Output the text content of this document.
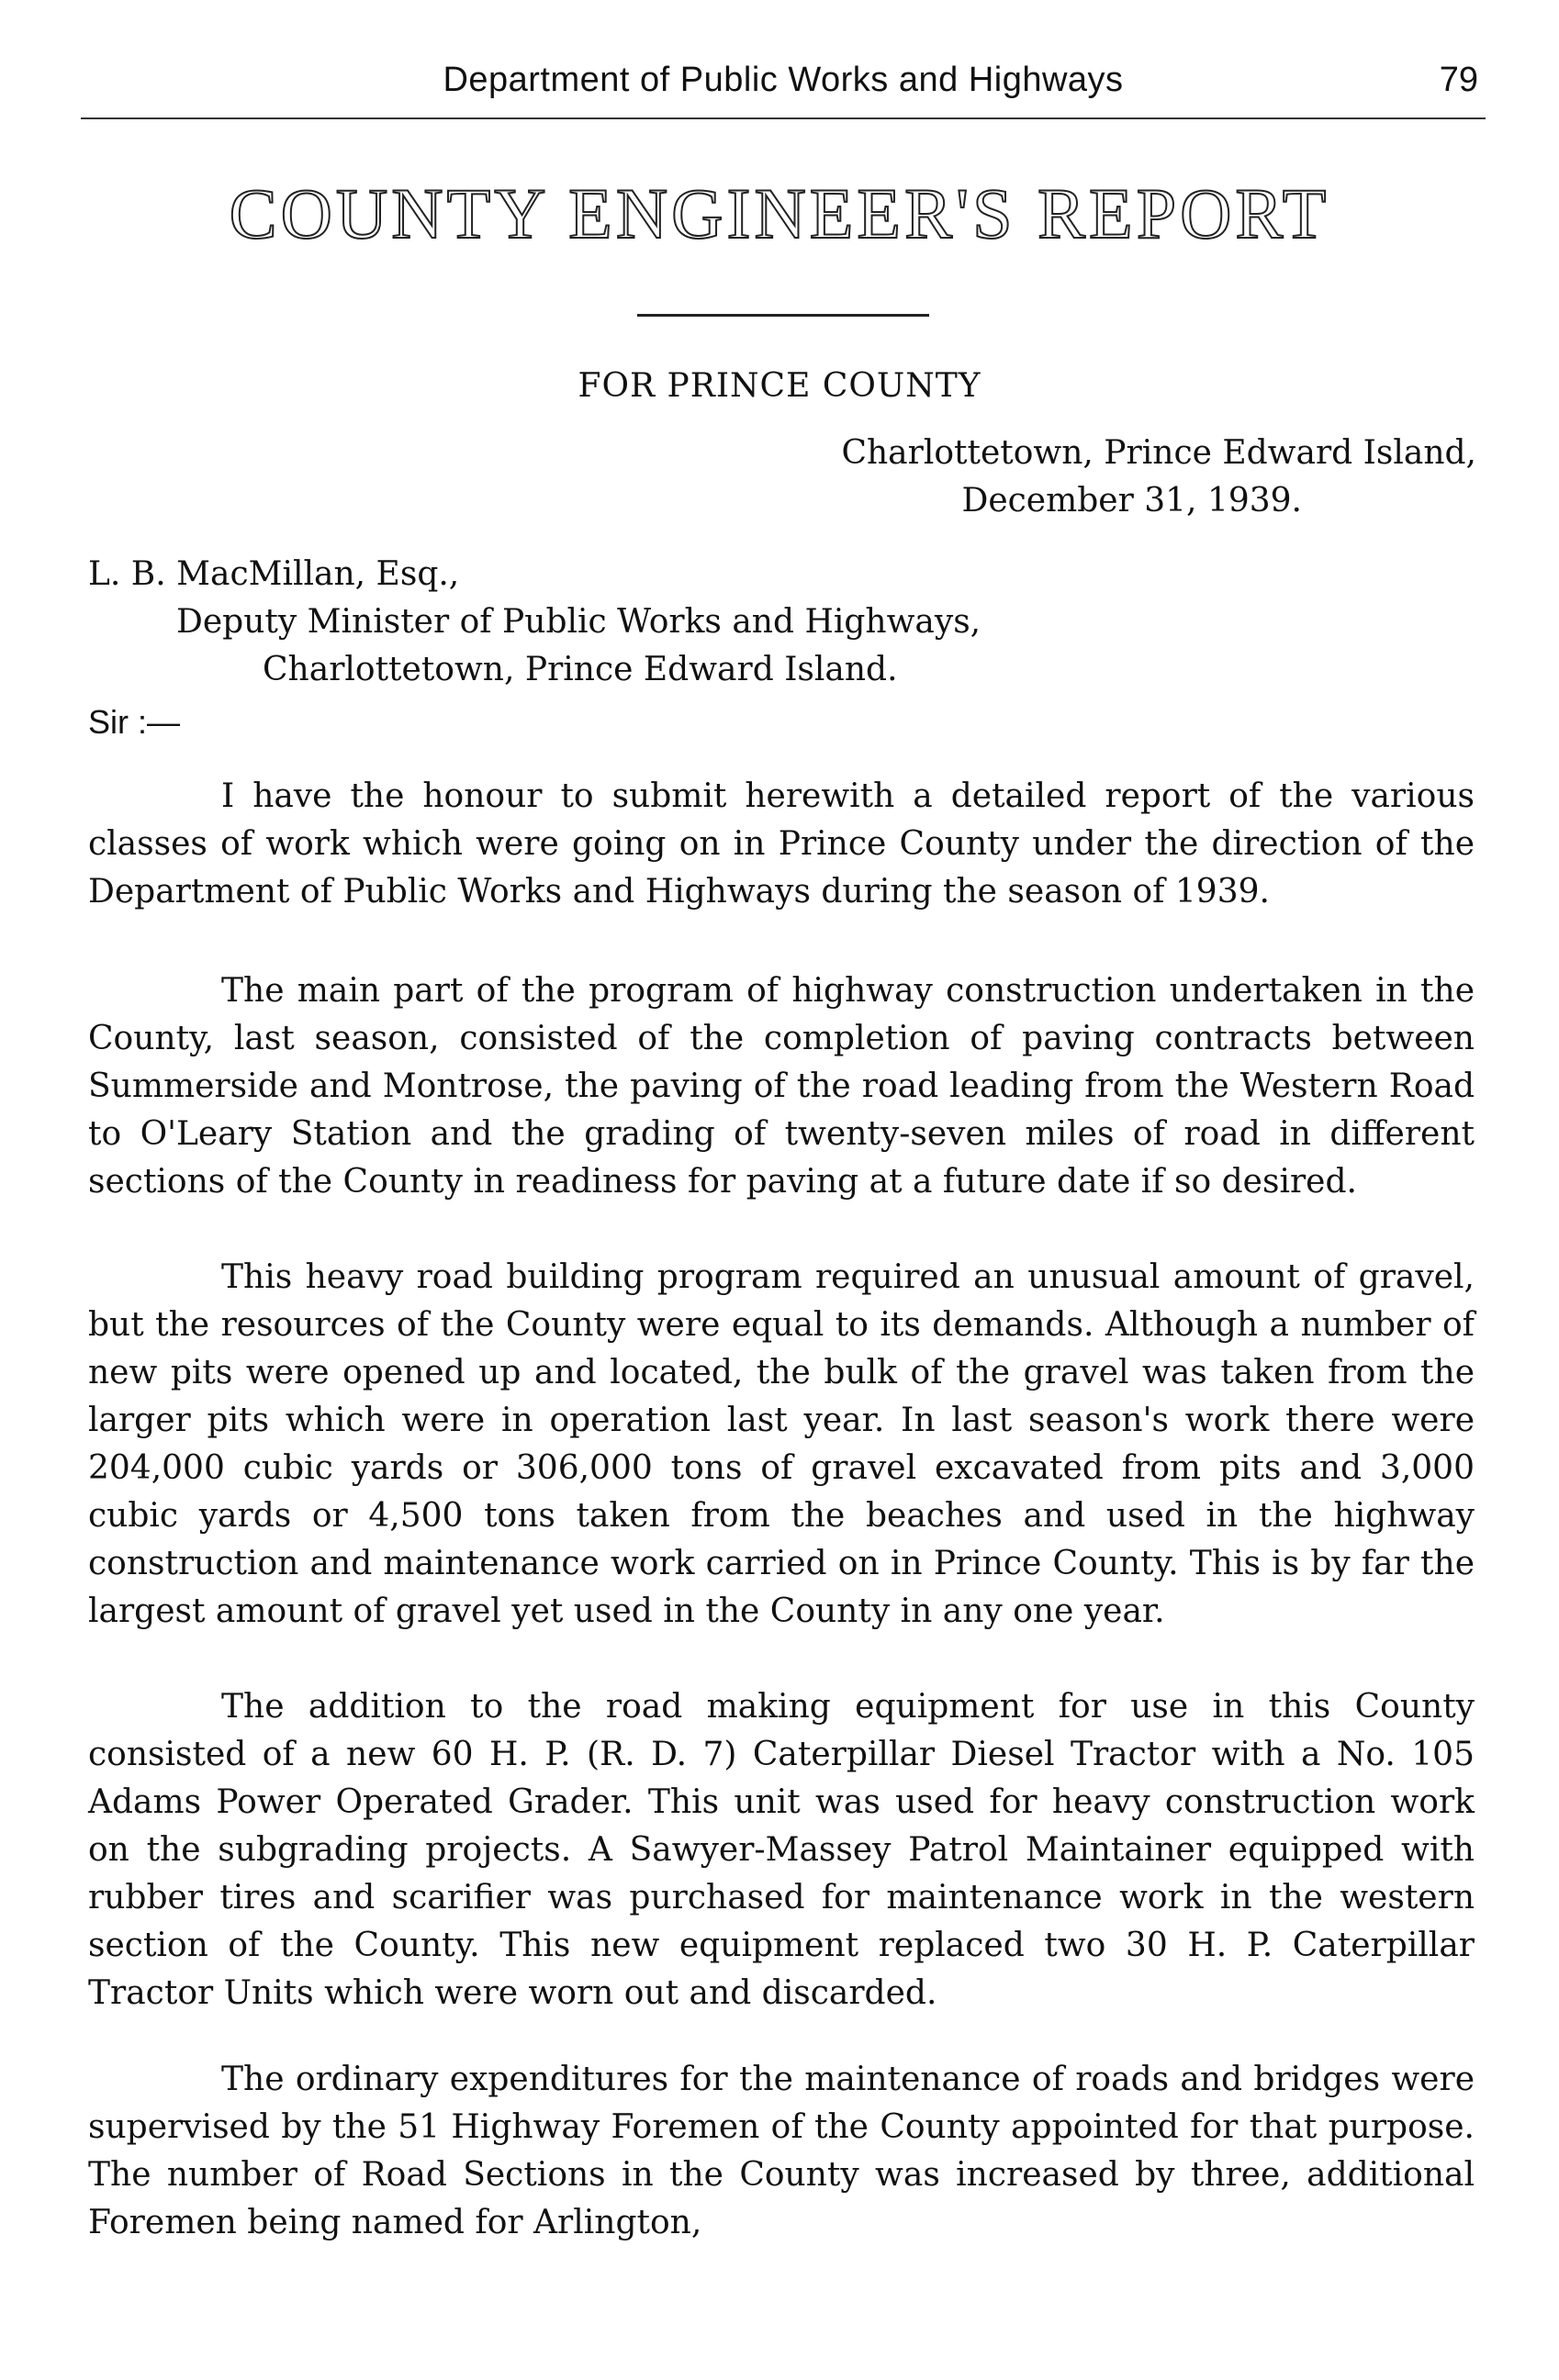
Department of Public Works and Highways	79
COUNTY ENGINEER'S REPORT
FOR PRINCE COUNTY
Charlottetown, Prince Edward Island,
December 31, 1939.
L. B. MacMillan, Esq.,
Deputy Minister of Public Works and Highways,
Charlottetown, Prince Edward Island.
Sir :—

I have the honour to submit herewith a detailed report of the various classes of work which were going on in Prince County under the direction of the Department of Public Works and Highways during the season of 1939.

The main part of the program of highway construction undertaken in the County, last season, consisted of the completion of paving contracts between Summerside and Montrose, the paving of the road leading from the Western Road to O'Leary Station and the grading of twenty-seven miles of road in different sections of the County in readiness for paving at a future date if so desired.

This heavy road building program required an unusual amount of gravel, but the resources of the County were equal to its demands. Although a number of new pits were opened up and located, the bulk of the gravel was taken from the larger pits which were in operation last year. In last season's work there were 204,000 cubic yards or 306,000 tons of gravel excavated from pits and 3,000 cubic yards or 4,500 tons taken from the beaches and used in the highway construction and maintenance work carried on in Prince County. This is by far the largest amount of gravel yet used in the County in any one year.

The addition to the road making equipment for use in this County consisted of a new 60 H. P. (R. D. 7) Caterpillar Diesel Tractor with a No. 105 Adams Power Operated Grader. This unit was used for heavy construction work on the subgrading projects. A Sawyer-Massey Patrol Maintainer equipped with rubber tires and scarifier was purchased for maintenance work in the western section of the County. This new equipment replaced two 30 H. P. Caterpillar Tractor Units which were worn out and discarded.

The ordinary expenditures for the maintenance of roads and bridges were supervised by the 51 Highway Foremen of the County appointed for that purpose. The number of Road Sections in the County was increased by three, additional Foremen being named for Arlington,
